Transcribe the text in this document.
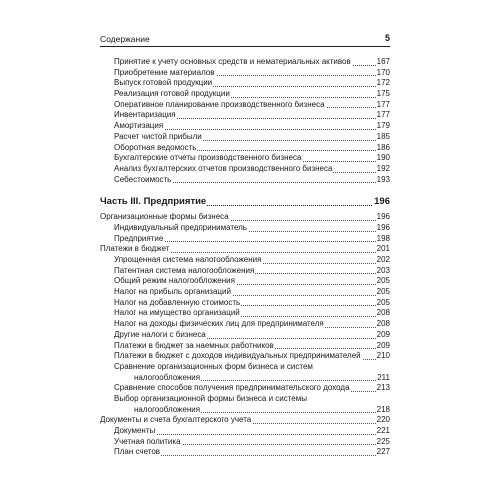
Содержание	5
Принятие к учету основных средств и нематериальных активов	167
Приобретение материалов	170
Выпуск готовой продукции	172
Реализация готовой продукции	175
Оперативное планирование производственного бизнеса	177
Инвентаризация	177
Амортизация	179
Расчет чистой прибыли	185
Оборотная ведомость	186
Бухгалтерские отчеты производственного бизнеса	190
Анализ бухгалтерских отчетов производственного бизнеса	192
Себестоимость	193
Часть III. Предприятие	196
Организационные формы бизнеса	196
Индивидуальный предприниматель	196
Предприятие	198
Платежи в бюджет	201
Упрощенная система налогообложения	202
Патентная система налогообложения	203
Общий режим налогообложения	205
Налог на прибыль организаций	205
Налог на добавленную стоимость	205
Налог на имущество организаций	208
Налог на доходы физических лиц для предпринимателя	208
Другие налоги с бизнеса	209
Платежи в бюджет за наемных работников	209
Платежи в бюджет с доходов индивидуальных предпринимателей 210
Сравнение организационных форм бизнеса и систем
налогообложения	211
Сравнение способов получения предпринимательского дохода	213
Выбор организационной формы бизнеса и системы
налогообложения	218
Документы и счета бухгалтерского учета	220
Документы	221
Учетная политика	225
План счетов	227
